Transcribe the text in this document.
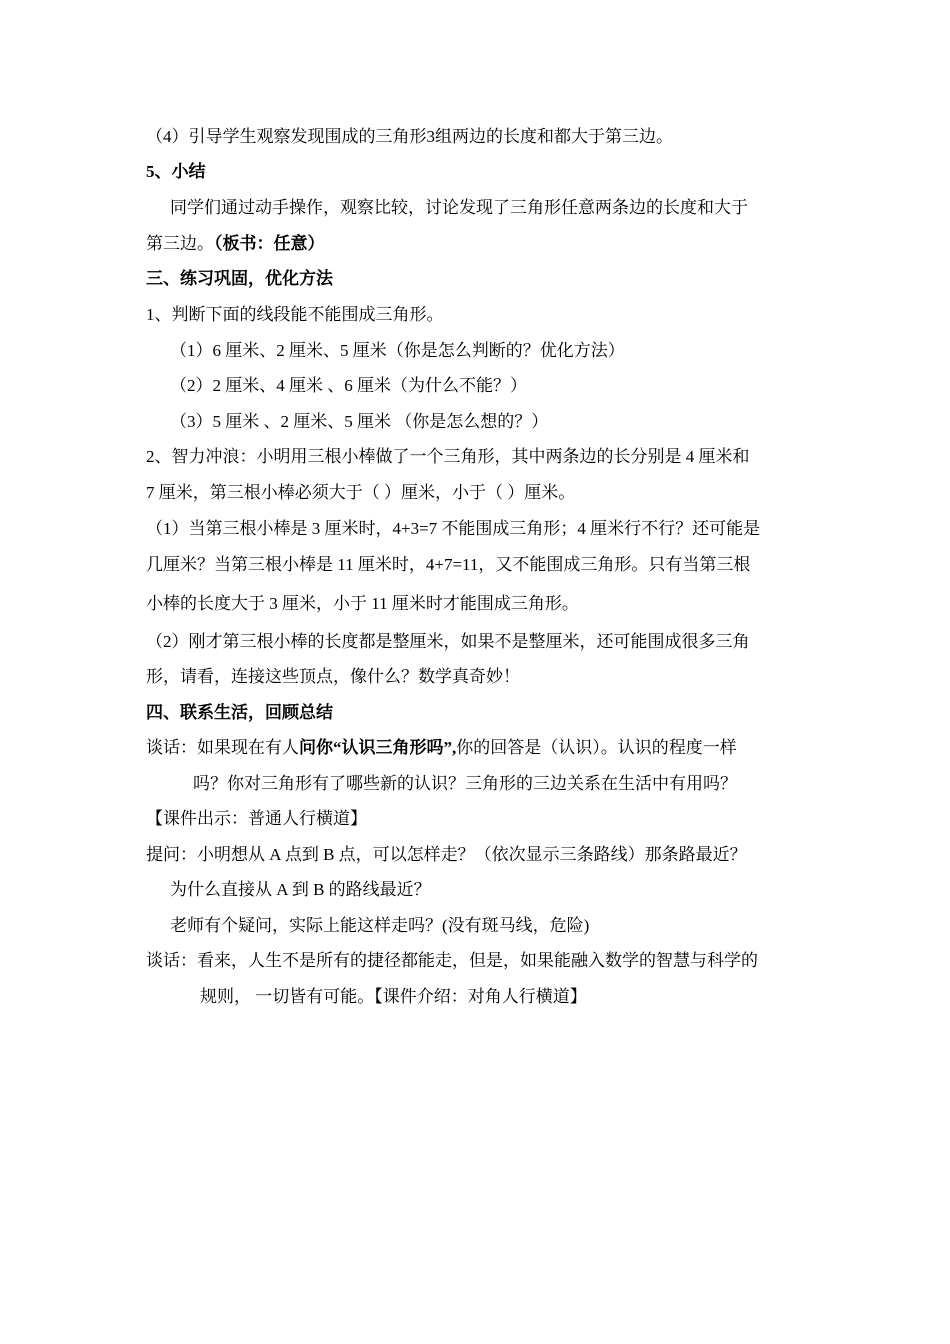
（4）引导学生观察发现围成的三角形3组两边的长度和都大于第三边。
5、小结
同学们通过动手操作，观察比较，讨论发现了三角形任意两条边的长度和大于
第三边。（板书：任意）
三、练习巩固，优化方法
1、判断下面的线段能不能围成三角形。
（1）6 厘米、2 厘米、5 厘米（你是怎么判断的？优化方法）
（2）2 厘米、4 厘米 、6 厘米（为什么不能？）
（3）5 厘米 、2 厘米、5 厘米 （你是怎么想的？）
2、智力冲浪：小明用三根小棒做了一个三角形，其中两条边的长分别是 4 厘米和
7 厘米，第三根小棒必须大于（ ）厘米，小于（ ）厘米。
（1）当第三根小棒是 3 厘米时，4+3=7 不能围成三角形；4 厘米行不行？还可能是
几厘米？当第三根小棒是 11 厘米时，4+7=11，又不能围成三角形。只有当第三根
小棒的长度大于 3 厘米，小于 11 厘米时才能围成三角形。
（2）刚才第三根小棒的长度都是整厘米，如果不是整厘米，还可能围成很多三角
形，请看，连接这些顶点，像什么？数学真奇妙！
四、联系生活，回顾总结
谈话：如果现在有人问你“认识三角形吗”,你的回答是（认识）。认识的程度一样
吗？你对三角形有了哪些新的认识？三角形的三边关系在生活中有用吗？
【课件出示：普通人行横道】
提问：小明想从 A 点到 B 点，可以怎样走？（依次显示三条路线）那条路最近？
为什么直接从 A 到 B 的路线最近？
老师有个疑问，实际上能这样走吗？(没有斑马线，危险)
谈话：看来，人生不是所有的捷径都能走，但是，如果能融入数学的智慧与科学的
规则， 一切皆有可能。【课件介绍：对角人行横道】
